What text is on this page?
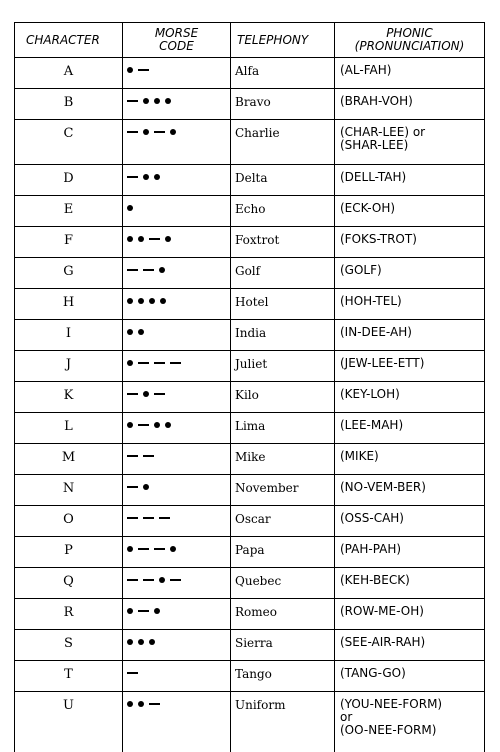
CHARACTER	MORSE
CODE	TELEPHONY	PHONIC
(PRONUNCIATION)
A		Alfa	(AL-FAH)
B		Bravo	(BRAH-VOH)
C		Charlie	(CHAR-LEE) or
(SHAR-LEE)
D		Delta	(DELL-TAH)
E		Echo	(ECK-OH)
F		Foxtrot	(FOKS-TROT)
G		Golf	(GOLF)
H		Hotel	(HOH-TEL)
I		India	(IN-DEE-AH)
J		Juliet	(JEW-LEE-ETT)
K		Kilo	(KEY-LOH)
L		Lima	(LEE-MAH)
M		Mike	(MIKE)
N		November	(NO-VEM-BER)
O		Oscar	(OSS-CAH)
P		Papa	(PAH-PAH)
Q		Quebec	(KEH-BECK)
R		Romeo	(ROW-ME-OH)
S		Sierra	(SEE-AIR-RAH)
T		Tango	(TANG-GO)
U		Uniform	(YOU-NEE-FORM)
or
(OO-NEE-FORM)
